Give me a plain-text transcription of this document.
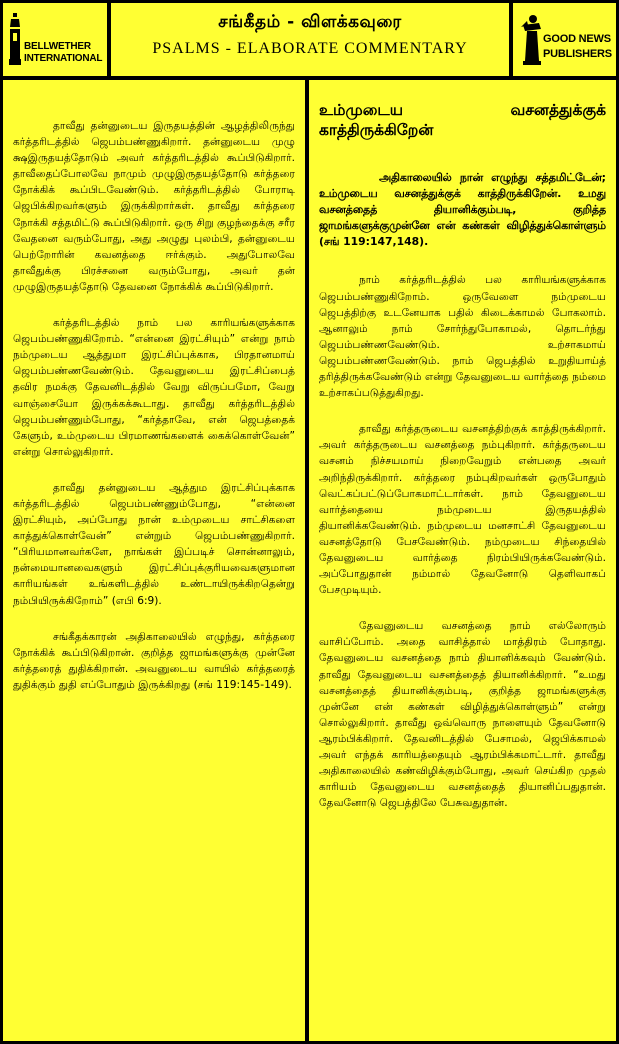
BELLWETHER
INTERNATIONAL
சங்கீதம் - விளக்கவுரை
PSALMS - ELABORATE COMMENTARY
GOOD NEWS
PUBLISHERS

தாவீது தன்னுடைய இருதயத்தின் ஆழத்திலிருந்து கர்த்தரிடத்தில் ஜெபம்பண்ணுகிறார். தன்னுடைய முழு க்ஷஇருதயத்தோடும் அவர் கர்த்தரிடத்தில் கூப்பிடுகிறார். தாவீதைப்போலவே நாமும் முழுஇருதயத்தோடு கர்த்தரை நோக்கிக் கூப்பிடவேண்டும். கர்த்தரிடத்தில் போராடி ஜெபிக்கிறவர்களும் இருக்கிறார்கள். தாவீது கர்த்தரை நோக்கி சத்தமிட்டு கூப்பிடுகிறார். ஒரு சிறு குழந்தைக்கு சரீர வேதனை வரும்போது, அது அழுது புலம்பி, தன்னுடைய பெற்றோரின் கவனத்தை ஈர்க்கும். அதுபோலவே தாவீதுக்கு பிரச்சனை வரும்போது, அவர் தன் முழுஇருதயத்தோடு தேவனை நோக்கிக் கூப்பிடுகிறார்.

கர்த்தரிடத்தில் நாம் பல காரியங்களுக்காக ஜெபம்பண்ணுகிறோம். “என்னை இரட்சியும்” என்று நாம் நம்முடைய ஆத்துமா இரட்சிப்புக்காக, பிரதானமாய் ஜெபம்பண்ணவேண்டும். தேவனுடைய இரட்சிப்பைத் தவிர நமக்கு தேவனிடத்தில் வேறு விருப்பமோ, வேறு வாஞ்சையோ இருக்கக்கூடாது. தாவீது கர்த்தரிடத்தில் ஜெபம்பண்ணும்போது, “கர்த்தாவே, என் ஜெபத்தைக் கேளும், உம்முடைய பிரமாணங்களைக் கைக்கொள்வேன்” என்று சொல்லுகிறார்.

தாவீது தன்னுடைய ஆத்தும இரட்சிப்புக்காக கர்த்தரிடத்தில் ஜெபம்பண்ணும்போது, “என்னை இரட்சியும், அப்போது நான் உம்முடைய சாட்சிகளை காத்துக்கொள்வேன்” என்றும் ஜெபம்பண்ணுகிறார். “பிரியமானவர்களே, நாங்கள் இப்படிச் சொன்னாலும், நன்மையானவைகளும் இரட்சிப்புக்குரியவைகளுமான காரியங்கள் உங்களிடத்தில் உண்டாயிருக்கிறதென்று நம்பியிருக்கிறோம்” (எபி 6:9).

சங்கீதக்காரன் அதிகாலையில் எழுந்து, கர்த்தரை நோக்கிக் கூப்பிடுகிறான். குறித்த ஜாமங்களுக்கு முன்னே கர்த்தரைத் துதிக்கிறான். அவனுடைய வாயில் கர்த்தரைத் துதிக்கும் துதி எப்போதும் இருக்கிறது (சங் 119:145-149).

உம்முடைய வசனத்துக்குக் காத்திருக்கிறேன்

அதிகாலையில் நான் எழுந்து சத்தமிட்டேன்; உம்முடைய வசனத்துக்குக் காத்திருக்கிறேன். உமது வசனத்தைத் தியானிக்கும்படி, குறித்த ஜாமங்களுக்குமுன்னே என் கண்கள் விழித்துக்கொள்ளும் (சங் 119:147,148).

நாம் கர்த்தரிடத்தில் பல காரியங்களுக்காக ஜெபம்பண்ணுகிறோம். ஒருவேளை நம்முடைய ஜெபத்திற்கு உடனேயாக பதில் கிடைக்காமல் போகலாம். ஆனாலும் நாம் சோர்ந்துபோகாமல், தொடர்ந்து ஜெபம்பண்ணவேண்டும். உற்சாகமாய் ஜெபம்பண்ணவேண்டும். நாம் ஜெபத்தில் உறுதியாய்த் தரித்திருக்கவேண்டும் என்று தேவனுடைய வார்த்தை நம்மை உற்சாகப்படுத்துகிறது.

தாவீது கர்த்தருடைய வசனத்திற்குக் காத்திருக்கிறார். அவர் கர்த்தருடைய வசனத்தை நம்புகிறார். கர்த்தருடைய வசனம் நிச்சயமாய் நிறைவேறும் என்பதை அவர் அறிந்திருக்கிறார். கர்த்தரை நம்புகிறவர்கள் ஒருபோதும் வெட்கப்பட்டுப்போகமாட்டார்கள். நாம் தேவனுடைய வார்த்தையை நம்முடைய இருதயத்தில் தியானிக்கவேண்டும். நம்முடைய மனசாட்சி தேவனுடைய வசனத்தோடு பேசவேண்டும். நம்முடைய சிந்தையில் தேவனுடைய வார்த்தை நிரம்பியிருக்கவேண்டும். அப்போதுதான் நம்மால் தேவனோடு தெளிவாகப் பேசமுடியும்.

தேவனுடைய வசனத்தை நாம் எல்லோரும் வாசிப்போம். அதை வாசித்தால் மாத்திரம் போதாது. தேவனுடைய வசனத்தை நாம் தியானிக்கவும் வேண்டும். தாவீது தேவனுடைய வசனத்தைத் தியானிக்கிறார். “உமது வசனத்தைத் தியானிக்கும்படி, குறித்த ஜாமங்களுக்கு முன்னே என் கண்கள் விழித்துக்கொள்ளும்” என்று சொல்லுகிறார். தாவீது ஒவ்வொரு நாளையும் தேவனோடு ஆரம்பிக்கிறார். தேவனிடத்தில் பேசாமல், ஜெபிக்காமல் அவர் எந்தக் காரியத்தையும் ஆரம்பிக்கமாட்டார். தாவீது அதிகாலையில் கண்விழிக்கும்போது, அவர் செய்கிற முதல் காரியம் தேவனுடைய வசனத்தைத் தியானிப்பதுதான். தேவனோடு ஜெபத்திலே பேசுவதுதான்.
